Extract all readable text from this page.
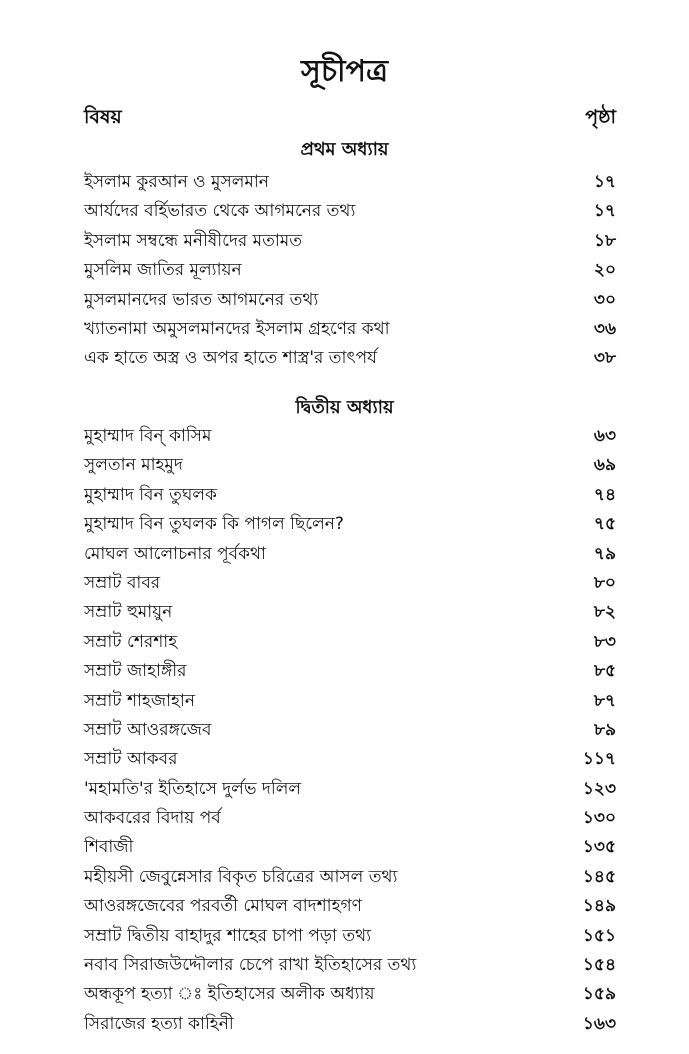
সূচীপত্র
বিষয়	পৃষ্ঠা
প্রথম অধ্যায়
ইসলাম কুরআন ও মুসলমান	১৭
আর্যদের বর্হিভারত থেকে আগমনের তথ্য	১৭
ইসলাম সম্বন্ধে মনীষীদের মতামত	১৮
মুসলিম জাতির মূল্যায়ন	২০
মুসলমানদের ভারত আগমনের তথ্য	৩০
খ্যাতনামা অমুসলমানদের ইসলাম গ্রহণের কথা	৩৬
এক হাতে অস্ত্র ও অপর হাতে শাস্ত্র'র তাৎপর্য	৩৮
দ্বিতীয় অধ্যায়
মুহাম্মাদ বিন্ কাসিম	৬৩
সুলতান মাহমুদ	৬৯
মুহাম্মাদ বিন তুঘলক	৭৪
মুহাম্মাদ বিন তুঘলক কি পাগল ছিলেন?	৭৫
মোঘল আলোচনার পূর্বকথা	৭৯
সম্রাট বাবর	৮০
সম্রাট হুমায়ুন	৮২
সম্রাট শেরশাহ	৮৩
সম্রাট জাহাঙ্গীর	৮৫
সম্রাট শাহজাহান	৮৭
সম্রাট আওরঙ্গজেব	৮৯
সম্রাট আকবর	১১৭
'মহামতি'র ইতিহাসে দুর্লভ দলিল	১২৩
আকবরের বিদায় পর্ব	১৩০
শিবাজী	১৩৫
মহীয়সী জেবুন্নেসার বিকৃত চরিত্রের আসল তথ্য	১৪৫
আওরঙ্গজেবের পরবর্তী মোঘল বাদশাহগণ	১৪৯
সম্রাট দ্বিতীয় বাহাদুর শাহের চাপা পড়া তথ্য	১৫১
নবাব সিরাজউদ্দৌলার চেপে রাখা ইতিহাসের তথ্য	১৫৪
অন্ধকূপ হত্যা ঃ ইতিহাসের অলীক অধ্যায়	১৫৯
সিরাজের হত্যা কাহিনী	১৬৩
